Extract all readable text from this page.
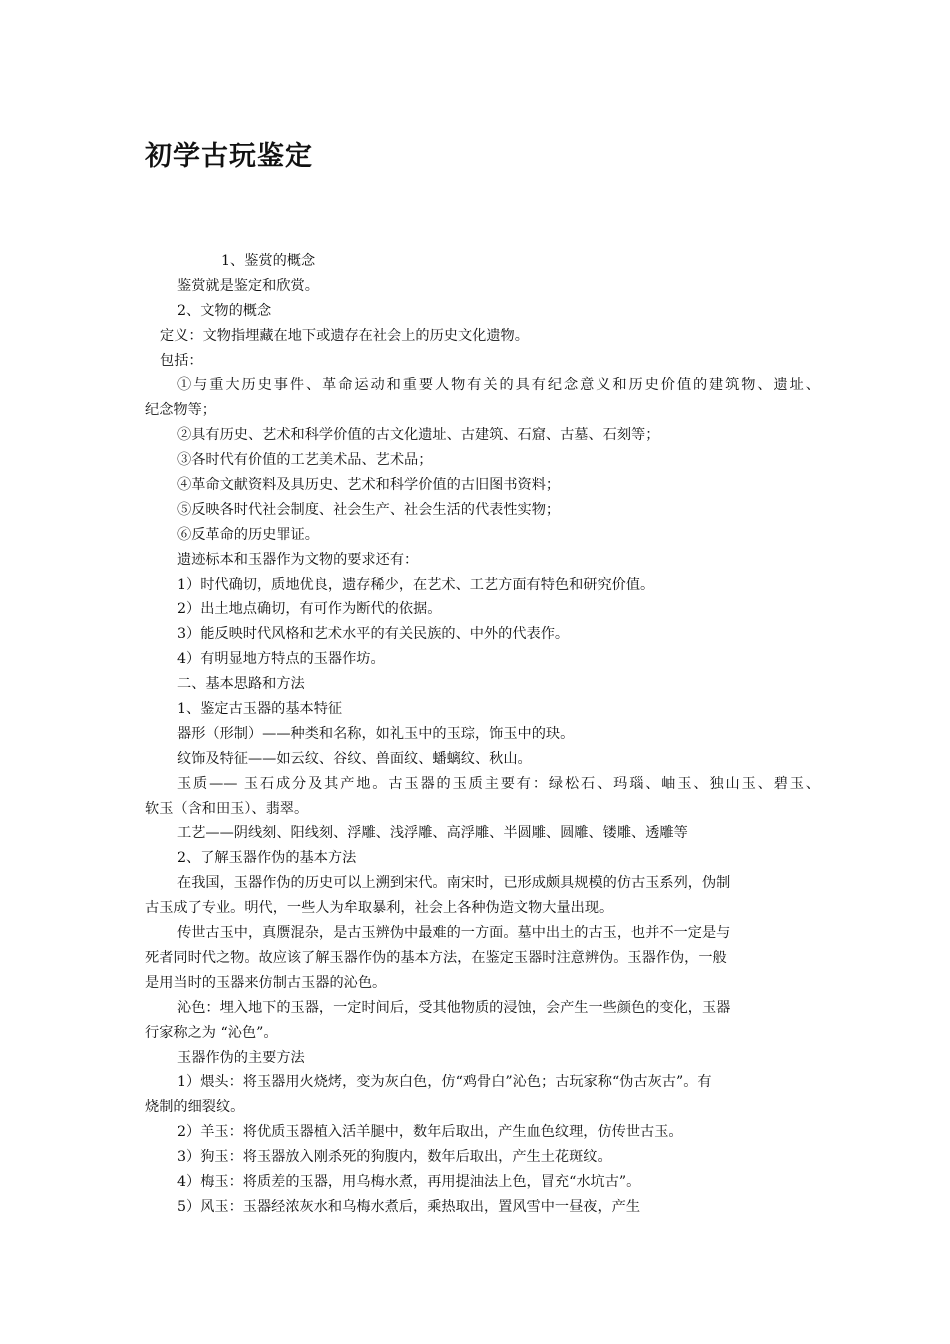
初学古玩鉴定
1、鉴赏的概念
鉴赏就是鉴定和欣赏。
2、文物的概念
定义：文物指埋藏在地下或遗存在社会上的历史文化遗物。
包括：
①与重大历史事件、革命运动和重要人物有关的具有纪念意义和历史价值的建筑物、遗址、
纪念物等；
②具有历史、艺术和科学价值的古文化遗址、古建筑、石窟、古墓、石刻等；
③各时代有价值的工艺美术品、艺术品；
④革命文献资料及具历史、艺术和科学价值的古旧图书资料；
⑤反映各时代社会制度、社会生产、社会生活的代表性实物；
⑥反革命的历史罪证。
遗迹标本和玉器作为文物的要求还有：
1）时代确切，质地优良，遗存稀少，在艺术、工艺方面有特色和研究价值。
2）出土地点确切，有可作为断代的依据。
3）能反映时代风格和艺术水平的有关民族的、中外的代表作。
4）有明显地方特点的玉器作坊。
二、基本思路和方法
1、鉴定古玉器的基本特征
器形（形制）——种类和名称，如礼玉中的玉琮，饰玉中的玦。
纹饰及特征——如云纹、谷纹、兽面纹、蟠螭纹、秋山。
玉质—— 玉石成分及其产地。古玉器的玉质主要有：绿松石、玛瑙、岫玉、独山玉、碧玉、
软玉（含和田玉）、翡翠。
工艺——阴线刻、阳线刻、浮雕、浅浮雕、高浮雕、半圆雕、圆雕、镂雕、透雕等
2、了解玉器作伪的基本方法
在我国，玉器作伪的历史可以上溯到宋代。南宋时，已形成颇具规模的仿古玉系列，伪制
古玉成了专业。明代，一些人为牟取暴利，社会上各种伪造文物大量出现。
传世古玉中，真赝混杂，是古玉辨伪中最难的一方面。墓中出土的古玉，也并不一定是与
死者同时代之物。故应该了解玉器作伪的基本方法，在鉴定玉器时注意辨伪。玉器作伪，一般
是用当时的玉器来仿制古玉器的沁色。
沁色：埋入地下的玉器，一定时间后，受其他物质的浸蚀，会产生一些颜色的变化，玉器
行家称之为 “沁色”。
玉器作伪的主要方法
1）煨头：将玉器用火烧烤，变为灰白色，仿“鸡骨白”沁色；古玩家称“伪古灰古”。有
烧制的细裂纹。
2）羊玉：将优质玉器植入活羊腿中，数年后取出，产生血色纹理，仿传世古玉。
3）狗玉：将玉器放入刚杀死的狗腹内，数年后取出，产生土花斑纹。
4）梅玉：将质差的玉器，用乌梅水煮，再用提油法上色，冒充“水坑古”。
5）风玉：玉器经浓灰水和乌梅水煮后，乘热取出，置风雪中一昼夜，产生
